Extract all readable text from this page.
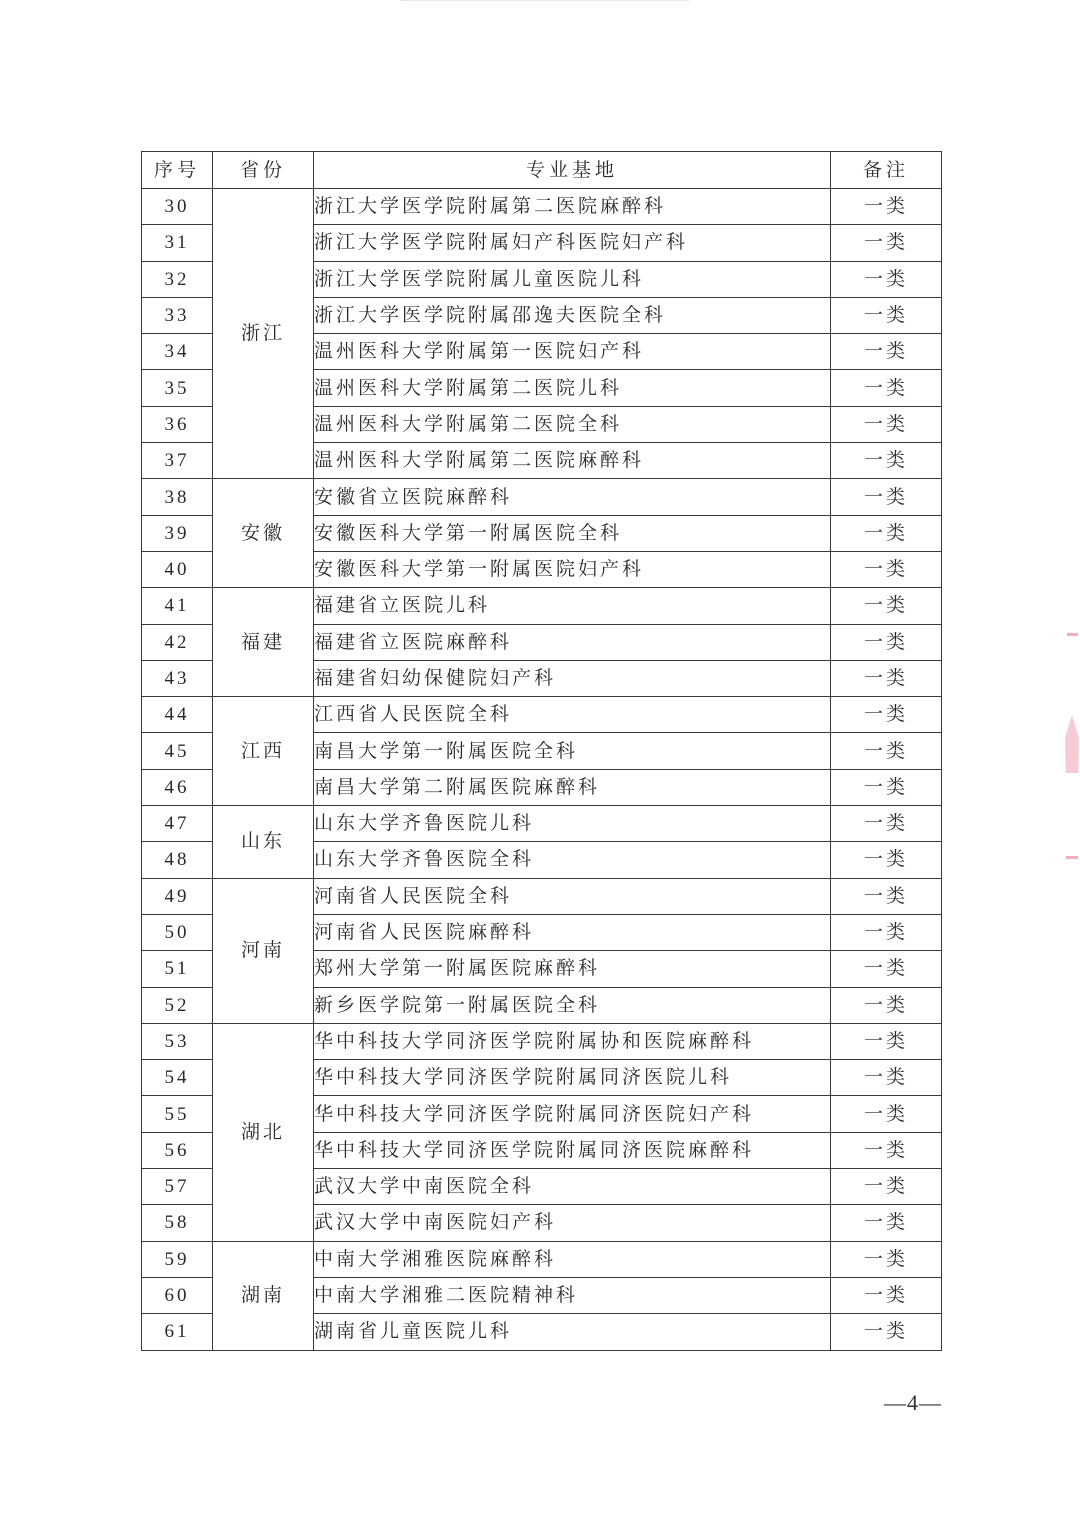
序号	省份	专业基地	备注
30	浙江	浙江大学医学院附属第二医院麻醉科	一类
31		浙江大学医学院附属妇产科医院妇产科	一类
32		浙江大学医学院附属儿童医院儿科	一类
33		浙江大学医学院附属邵逸夫医院全科	一类
34		温州医科大学附属第一医院妇产科	一类
35		温州医科大学附属第二医院儿科	一类
36		温州医科大学附属第二医院全科	一类
37		温州医科大学附属第二医院麻醉科	一类
38	安徽	安徽省立医院麻醉科	一类
39		安徽医科大学第一附属医院全科	一类
40		安徽医科大学第一附属医院妇产科	一类
41	福建	福建省立医院儿科	一类
42		福建省立医院麻醉科	一类
43		福建省妇幼保健院妇产科	一类
44	江西	江西省人民医院全科	一类
45		南昌大学第一附属医院全科	一类
46		南昌大学第二附属医院麻醉科	一类
47	山东	山东大学齐鲁医院儿科	一类
48		山东大学齐鲁医院全科	一类
49	河南	河南省人民医院全科	一类
50		河南省人民医院麻醉科	一类
51		郑州大学第一附属医院麻醉科	一类
52		新乡医学院第一附属医院全科	一类
53	湖北	华中科技大学同济医学院附属协和医院麻醉科	一类
54		华中科技大学同济医学院附属同济医院儿科	一类
55		华中科技大学同济医学院附属同济医院妇产科	一类
56		华中科技大学同济医学院附属同济医院麻醉科	一类
57		武汉大学中南医院全科	一类
58		武汉大学中南医院妇产科	一类
59	湖南	中南大学湘雅医院麻醉科	一类
60		中南大学湘雅二医院精神科	一类
61		湖南省儿童医院儿科	一类
—4—
